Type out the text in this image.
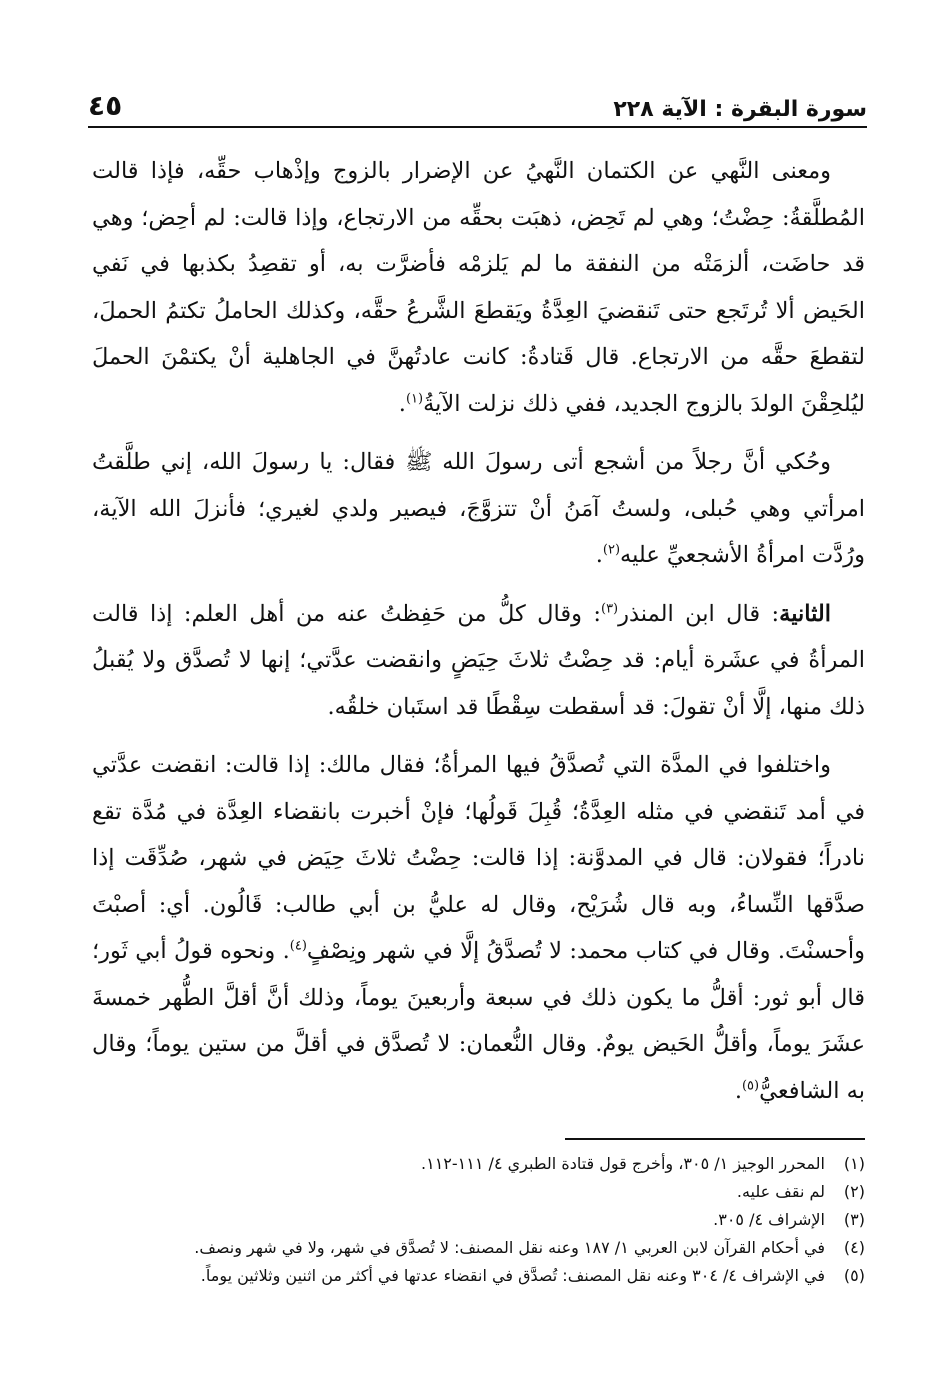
سورة البقرة : الآية ٢٢٨
٤٥

ومعنى النَّهي عن الكتمان النَّهيُ عن الإضرار بالزوج وإذْهاب حقِّه، فإذا قالت المُطلَّقةُ: حِضْتُ؛ وهي لم تَحِض، ذهبَت بحقِّه من الارتجاع، وإذا قالت: لم أحِض؛ وهي قد حاضَت، ألزمَتْه من النفقة ما لم يَلزمْه فأضرَّت به، أو تقصِدُ بكذبها في نَفي الحَيض ألا تُرتَجع حتى تَنقضيَ العِدَّةُ ويَقطعَ الشَّرعُ حقَّه، وكذلك الحاملُ تكتمُ الحملَ، لتقطعَ حقَّه من الارتجاع. قال قَتادةُ: كانت عادتُهنَّ في الجاهلية أنْ يكتمْنَ الحملَ ليُلحِقْنَ الولدَ بالزوج الجديد، ففي ذلك نزلت الآيةُ$^{(١)}$.

وحُكي أنَّ رجلاً من أشجع أتى رسولَ الله ﷺ فقال: يا رسولَ الله، إني طلَّقتُ امرأتي وهي حُبلى، ولستُ آمَنُ أنْ تتزوَّجَ، فيصير ولدي لغيري؛ فأنزلَ الله الآية، ورُدَّت امرأةُ الأشجعيِّ عليه$^{(٢)}$.

الثانية: قال ابن المنذر$^{(٣)}$: وقال كلُّ من حَفِظتُ عنه من أهل العلم: إذا قالت المرأةُ في عشَرة أيام: قد حِضْتُ ثلاثَ حِيَضٍ وانقضت عدَّتي؛ إنها لا تُصدَّق ولا يُقبلُ ذلك منها، إلَّا أنْ تقولَ: قد أسقطت سِقْطًا قد استَبان خلقُه.

واختلفوا في المدَّة التي تُصدَّقُ فيها المرأةُ؛ فقال مالك: إذا قالت: انقضت عدَّتي في أمد تَنقضي في مثله العِدَّةُ؛ قُبِلَ قَولُها؛ فإنْ أخبرت بانقضاء العِدَّة في مُدَّة تقع نادراً؛ فقولان: قال في المدوَّنة: إذا قالت: حِضْتُ ثلاثَ حِيَض في شهر، صُدِّقَت إذا صدَّقها النِّساءُ، وبه قال شُرَيْح، وقال له عليُّ بن أبي طالب: قَالُون. أي: أصبْتَ وأحسنْتَ. وقال في كتاب محمد: لا تُصدَّقُ إلَّا في شهر ونِصْفٍ$^{(٤)}$. ونحوه قولُ أبي ثَور؛ قال أبو ثور: أقلُّ ما يكون ذلك في سبعة وأربعينَ يوماً، وذلك أنَّ أقلَّ الطُّهر خمسةَ عشَرَ يوماً، وأقلُّ الحَيض يومٌ. وقال النُّعمان: لا تُصدَّق في أقلَّ من ستين يوماً؛ وقال به الشافعيُّ$^{(٥)}$.

(١)
المحرر الوجيز ١/ ٣٠٥، وأخرج قول قتادة الطبري ٤/ ١١١-١١٢.
(٢)
لم نقف عليه.
(٣)
الإشراف ٤/ ٣٠٥.
(٤)
في أحكام القرآن لابن العربي ١/ ١٨٧ وعنه نقل المصنف: لا تُصدَّق في شهر، ولا في شهر ونصف.
(٥)
في الإشراف ٤/ ٣٠٤ وعنه نقل المصنف: تُصدَّق في انقضاء عدتها في أكثر من اثنين وثلاثين يوماً.
